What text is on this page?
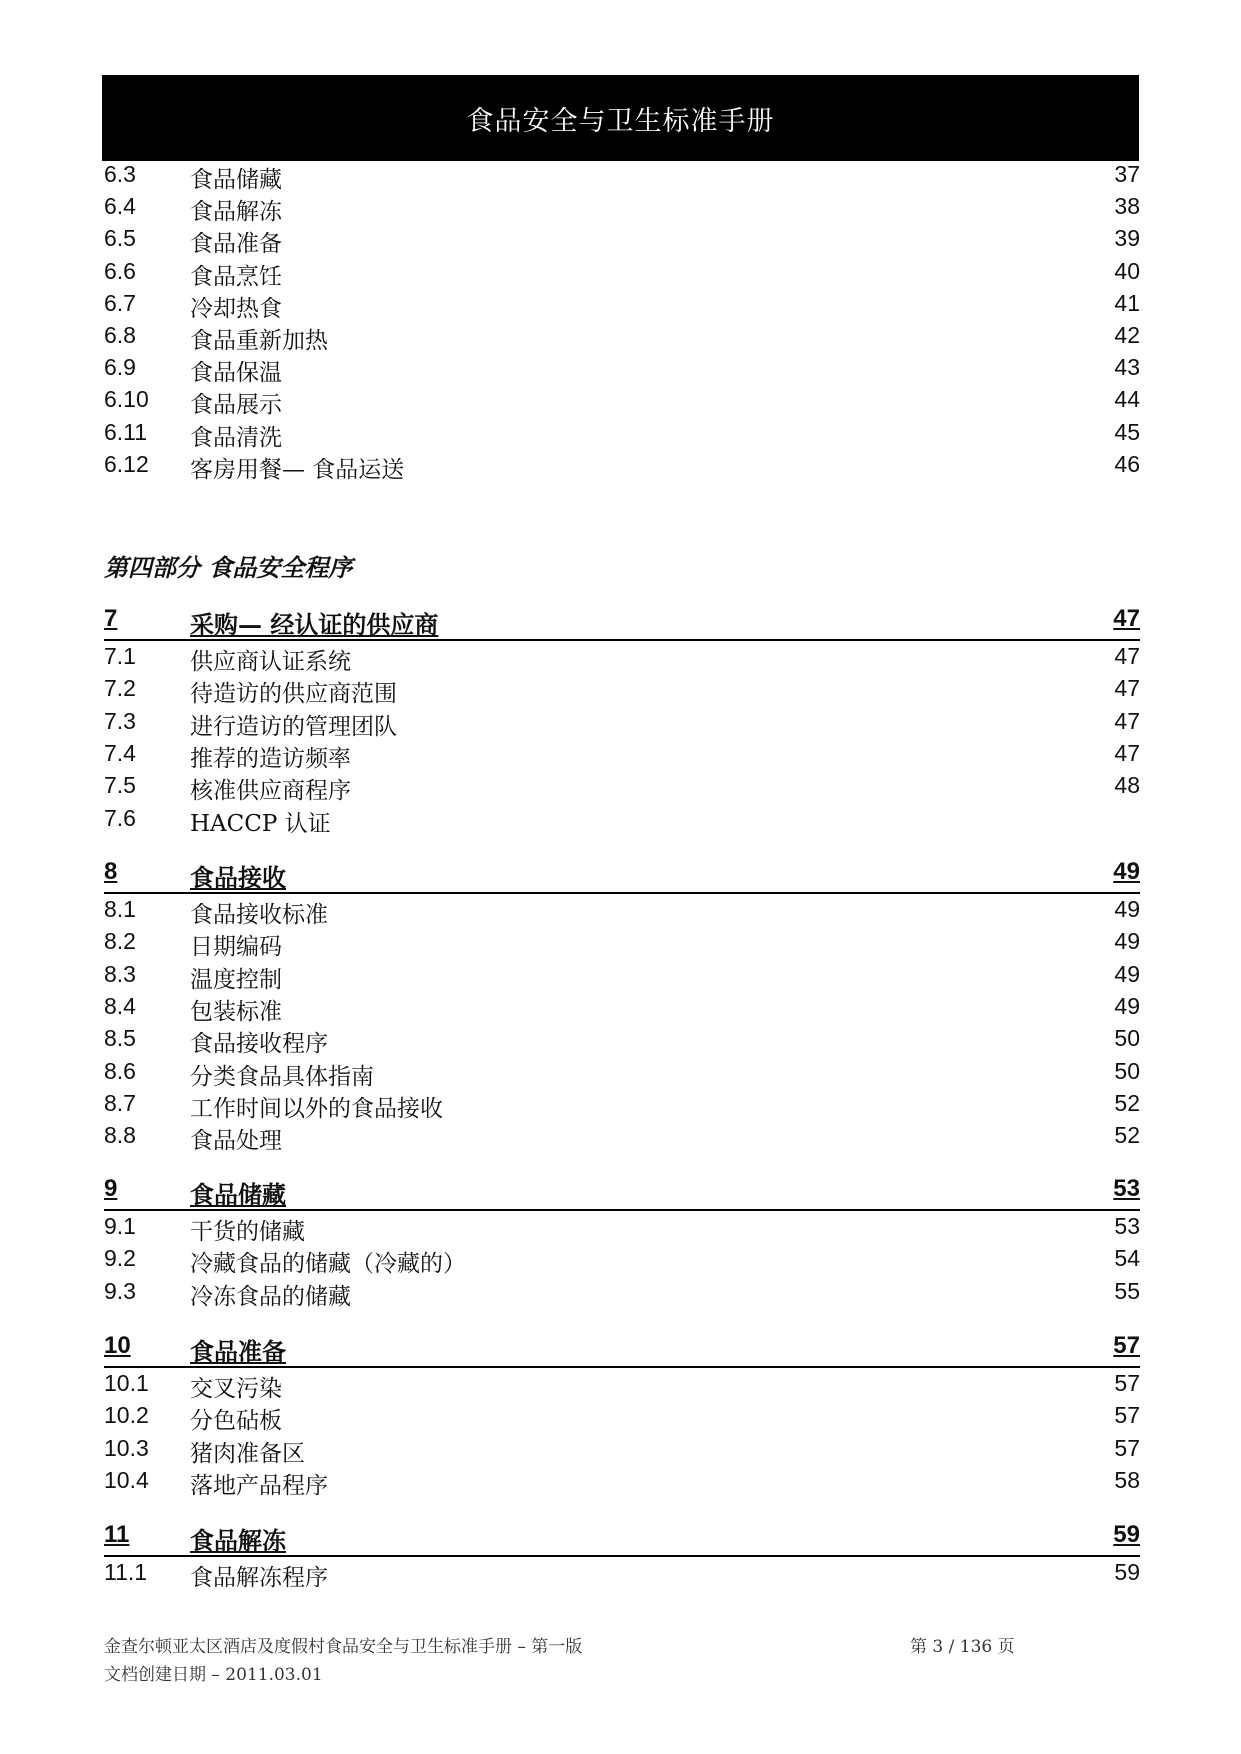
食品安全与卫生标准手册
6.3 食品储藏	37
6.4 食品解冻	38
6.5 食品准备	39
6.6 食品烹饪	40
6.7 冷却热食	41
6.8 食品重新加热	42
6.9 食品保温	43
6.10 食品展示	44
6.11 食品清洗	45
6.12 客房用餐— 食品运送	46
第四部分 食品安全程序
7	采购— 经认证的供应商	47
7.1 供应商认证系统	47
7.2 待造访的供应商范围	47
7.3 进行造访的管理团队	47
7.4 推荐的造访频率	47
7.5 核准供应商程序	48
7.6 HACCP 认证
8	食品接收	49
8.1 食品接收标准	49
8.2 日期编码	49
8.3 温度控制	49
8.4 包装标准	49
8.5 食品接收程序	50
8.6 分类食品具体指南	50
8.7 工作时间以外的食品接收	52
8.8 食品处理	52
9	食品储藏	53
9.1 干货的储藏	53
9.2 冷藏食品的储藏（冷藏的）	54
9.3 冷冻食品的储藏	55
10 食品准备	57
10.1 交叉污染	57
10.2 分色砧板	57
10.3 猪肉准备区	57
10.4 落地产品程序	58
11	食品解冻	59
11.1 食品解冻程序	59
金查尔顿亚太区酒店及度假村食品安全与卫生标准手册 – 第一版
文档创建日期 – 2011.03.01
第 3 / 136 页
